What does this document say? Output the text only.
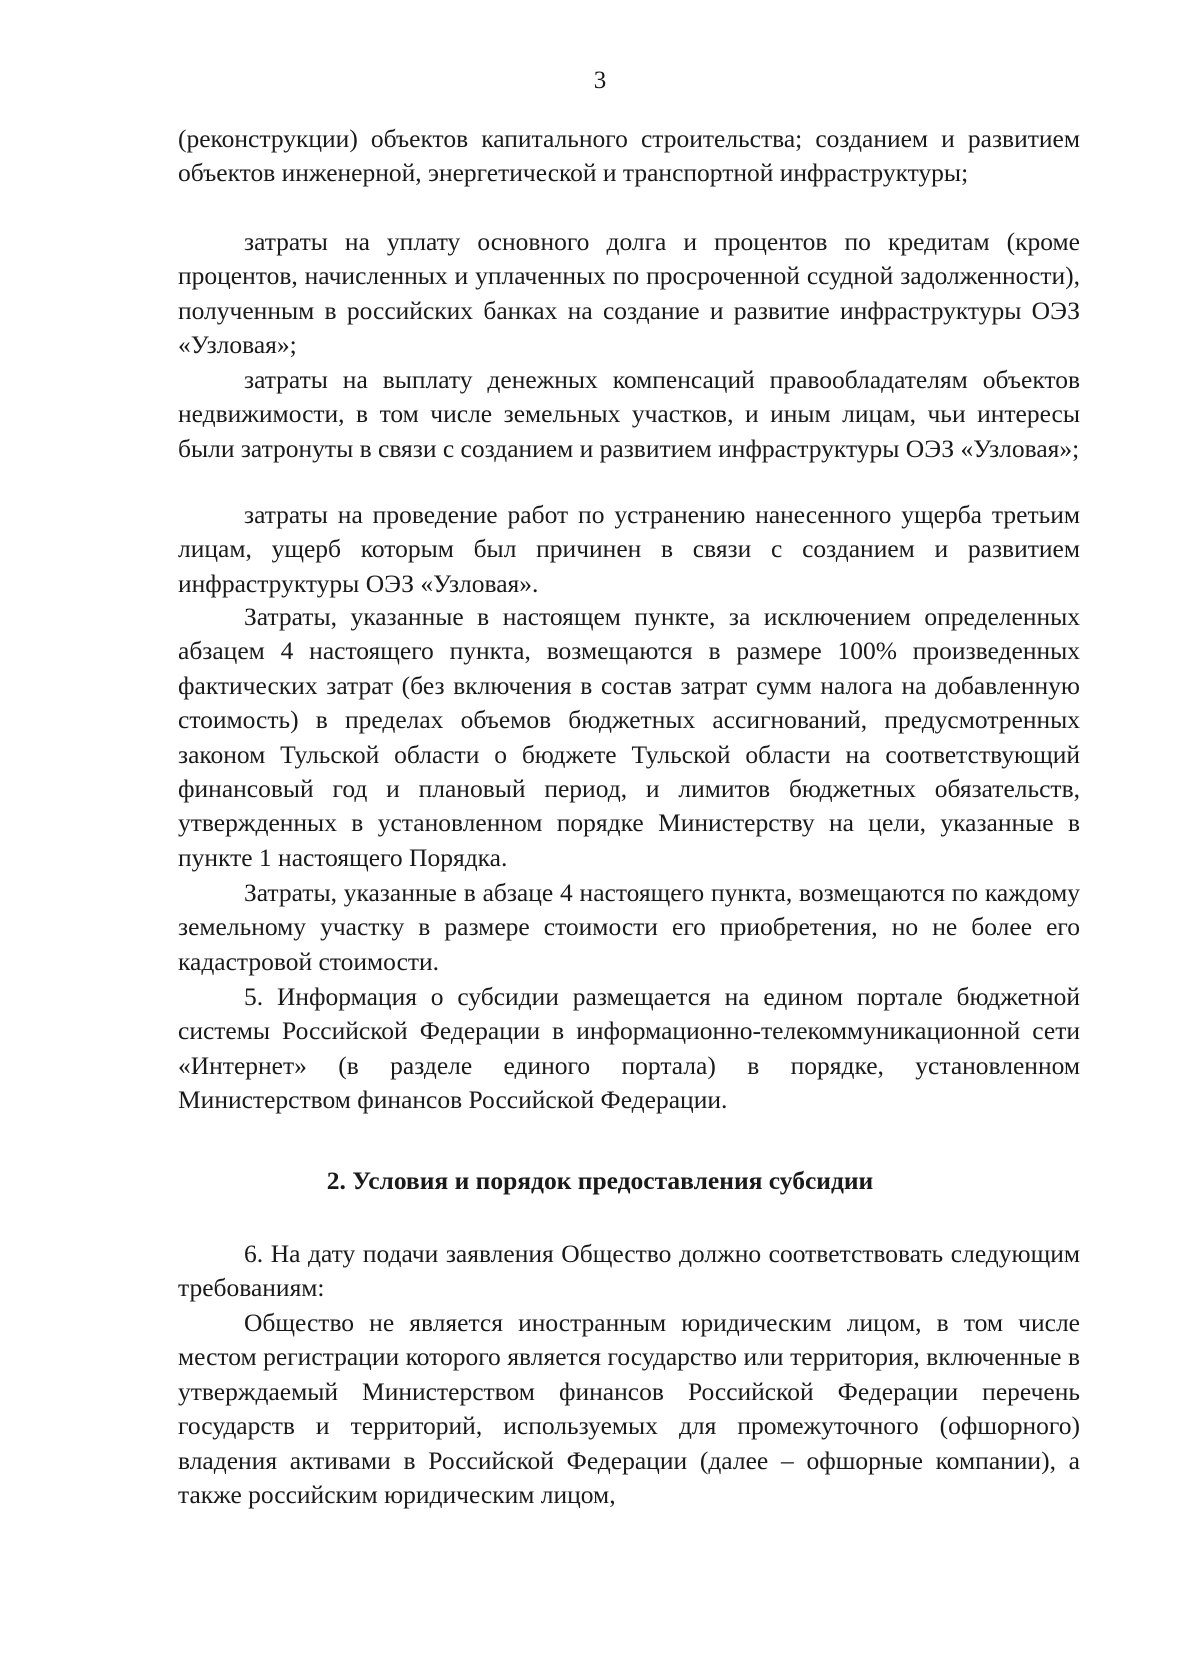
3

(реконструкции) объектов капитального строительства; созданием и развитием объектов инженерной, энергетической и транспортной инфраструктуры;

затраты на уплату основного долга и процентов по кредитам (кроме процентов, начисленных и уплаченных по просроченной ссудной задолженности), полученным в российских банках на создание и развитие инфраструктуры ОЭЗ «Узловая»;

затраты на выплату денежных компенсаций правообладателям объектов недвижимости, в том числе земельных участков, и иным лицам, чьи интересы были затронуты в связи с созданием и развитием инфраструктуры ОЭЗ «Узловая»;

затраты на проведение работ по устранению нанесенного ущерба третьим лицам, ущерб которым был причинен в связи с созданием и развитием инфраструктуры ОЭЗ «Узловая».

Затраты, указанные в настоящем пункте, за исключением определенных абзацем 4 настоящего пункта, возмещаются в размере 100% произведенных фактических затрат (без включения в состав затрат сумм налога на добавленную стоимость) в пределах объемов бюджетных ассигнований, предусмотренных законом Тульской области о бюджете Тульской области на соответствующий финансовый год и плановый период, и лимитов бюджетных обязательств, утвержденных в установленном порядке Министерству на цели, указанные в пункте 1 настоящего Порядка.

Затраты, указанные в абзаце 4 настоящего пункта, возмещаются по каждому земельному участку в размере стоимости его приобретения, но не более его кадастровой стоимости.

5. Информация о субсидии размещается на едином портале бюджетной системы Российской Федерации в информационно-телекоммуникационной сети «Интернет» (в разделе единого портала) в порядке, установленном Министерством финансов Российской Федерации.

2. Условия и порядок предоставления субсидии

6. На дату подачи заявления Общество должно соответствовать следующим требованиям:

Общество не является иностранным юридическим лицом, в том числе местом регистрации которого является государство или территория, включенные в утверждаемый Министерством финансов Российской Федерации перечень государств и территорий, используемых для промежуточного (офшорного) владения активами в Российской Федерации (далее – офшорные компании), а также российским юридическим лицом,
